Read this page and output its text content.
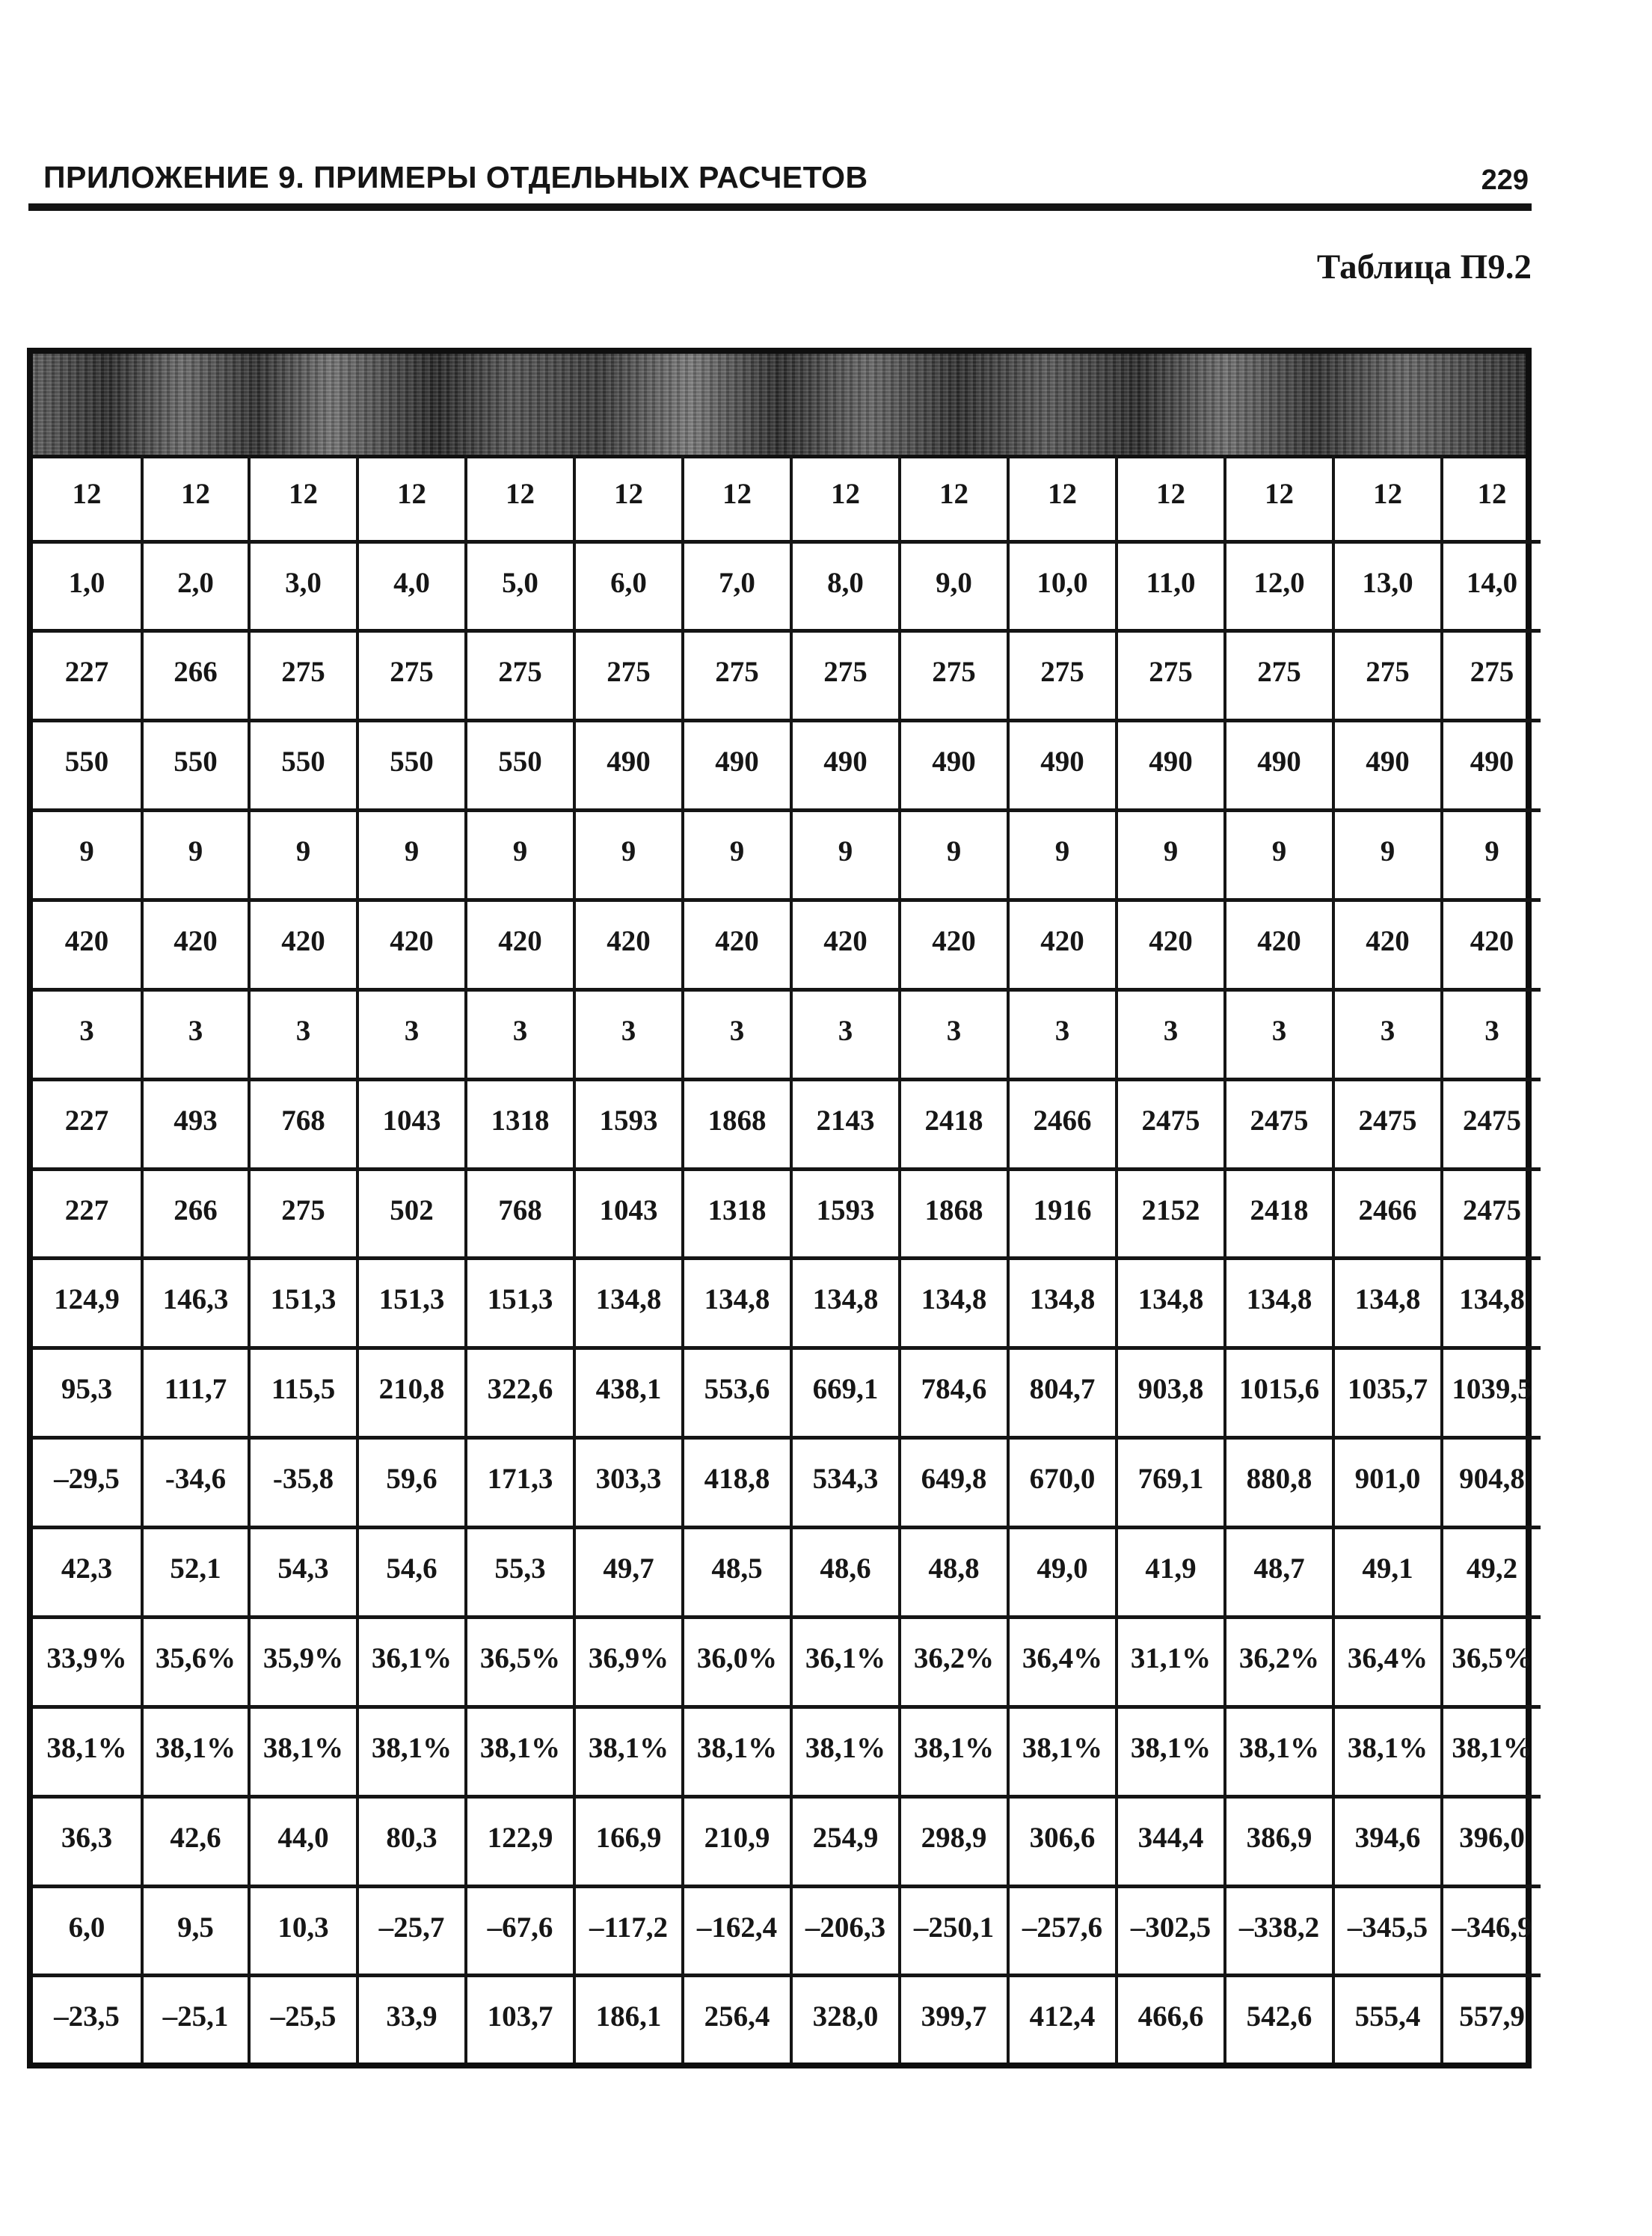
ПРИЛОЖЕНИЕ 9. ПРИМЕРЫ ОТДЕЛЬНЫХ РАСЧЕТОВ	229
Таблица П9.2
12	12	12	12	12	12	12	12	12	12	12	12	12	12
1,0	2,0	3,0	4,0	5,0	6,0	7,0	8,0	9,0	10,0	11,0	12,0	13,0	14,0
227	266	275	275	275	275	275	275	275	275	275	275	275	275
550	550	550	550	550	490	490	490	490	490	490	490	490	490
9	9	9	9	9	9	9	9	9	9	9	9	9	9
420	420	420	420	420	420	420	420	420	420	420	420	420	420
3	3	3	3	3	3	3	3	3	3	3	3	3	3
227	493	768	1043	1318	1593	1868	2143	2418	2466	2475	2475	2475	2475
227	266	275	502	768	1043	1318	1593	1868	1916	2152	2418	2466	2475
124,9	146,3	151,3	151,3	151,3	134,8	134,8	134,8	134,8	134,8	134,8	134,8	134,8	134,8
95,3	111,7	115,5	210,8	322,6	438,1	553,6	669,1	784,6	804,7	903,8	1015,6	1035,7	1039,5
–29,5	-34,6	-35,8	59,6	171,3	303,3	418,8	534,3	649,8	670,0	769,1	880,8	901,0	904,8
42,3	52,1	54,3	54,6	55,3	49,7	48,5	48,6	48,8	49,0	41,9	48,7	49,1	49,2
33,9%	35,6%	35,9%	36,1%	36,5%	36,9%	36,0%	36,1%	36,2%	36,4%	31,1%	36,2%	36,4%	36,5%
38,1%	38,1%	38,1%	38,1%	38,1%	38,1%	38,1%	38,1%	38,1%	38,1%	38,1%	38,1%	38,1%	38,1%
36,3	42,6	44,0	80,3	122,9	166,9	210,9	254,9	298,9	306,6	344,4	386,9	394,6	396,0
6,0	9,5	10,3	–25,7	–67,6	–117,2	–162,4	–206,3	–250,1	–257,6	–302,5	–338,2	–345,5	–346,9
–23,5	–25,1	–25,5	33,9	103,7	186,1	256,4	328,0	399,7	412,4	466,6	542,6	555,4	557,9
